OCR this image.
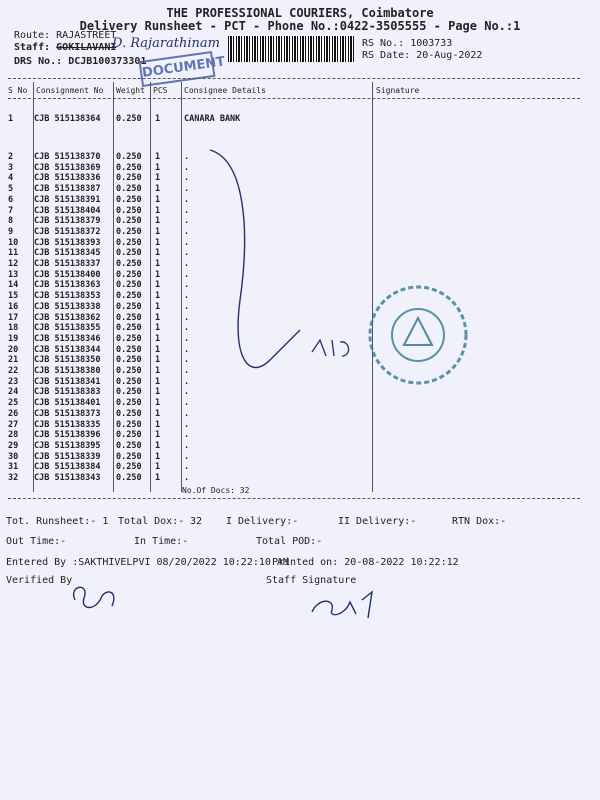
THE PROFESSIONAL COURIERS, Coimbatore
Delivery Runsheet - PCT - Phone No.:0422-3505555 - Page No.:1
Route: RAJASTREET
Staff: GOKILAVANI
D. Rajarathinam
DRS No.: DCJB100373301
DOCUMENT
RS No.: 1003733
RS Date: 20-Aug-2022
S No Consignment No Weight PCS Consignee Details	Signature
1 CJB 515138364 0.250 1	CANARA BANK
2 CJB 515138370 0.250 1	.
3 CJB 515138369 0.250 1	.
4 CJB 515138336 0.250 1	.
5 CJB 515138387 0.250 1	.
6 CJB 515138391 0.250 1	.
7 CJB 515138404 0.250 1	.
8 CJB 515138379 0.250 1	.
9 CJB 515138372 0.250 1	.
10 CJB 515138393 0.250 1	.
11 CJB 515138345 0.250 1	.
12 CJB 515138337 0.250 1	.
13 CJB 515138400 0.250 1	.
14 CJB 515138363 0.250 1	.
15 CJB 515138353 0.250 1	.
16 CJB 515138338 0.250 1	.
17 CJB 515138362 0.250 1	.
18 CJB 515138355 0.250 1	.
19 CJB 515138346 0.250 1	.
20 CJB 515138344 0.250 1	.
21 CJB 515138350 0.250 1	.
22 CJB 515138380 0.250 1	.
23 CJB 515138341 0.250 1	.
24 CJB 515138383 0.250 1	.
25 CJB 515138401 0.250 1	.
26 CJB 515138373 0.250 1	.
27 CJB 515138335 0.250 1	.
28 CJB 515138396 0.250 1	.
29 CJB 515138395 0.250 1	.
30 CJB 515138339 0.250 1	.
31 CJB 515138384 0.250 1	.
32 CJB 515138343 0.250 1	.
No.Of Docs: 32
Tot. Runsheet:- 1 Total Dox:- 32 I Delivery:-	II Delivery:-	RTN Dox:-
Out Time:-	In Time:-	Total POD:-
Entered By :SAKTHIVELPVI 08/20/2022 10:22:10 AM
Printed on: 20-08-2022 10:22:12
Verified By	Staff Signature
